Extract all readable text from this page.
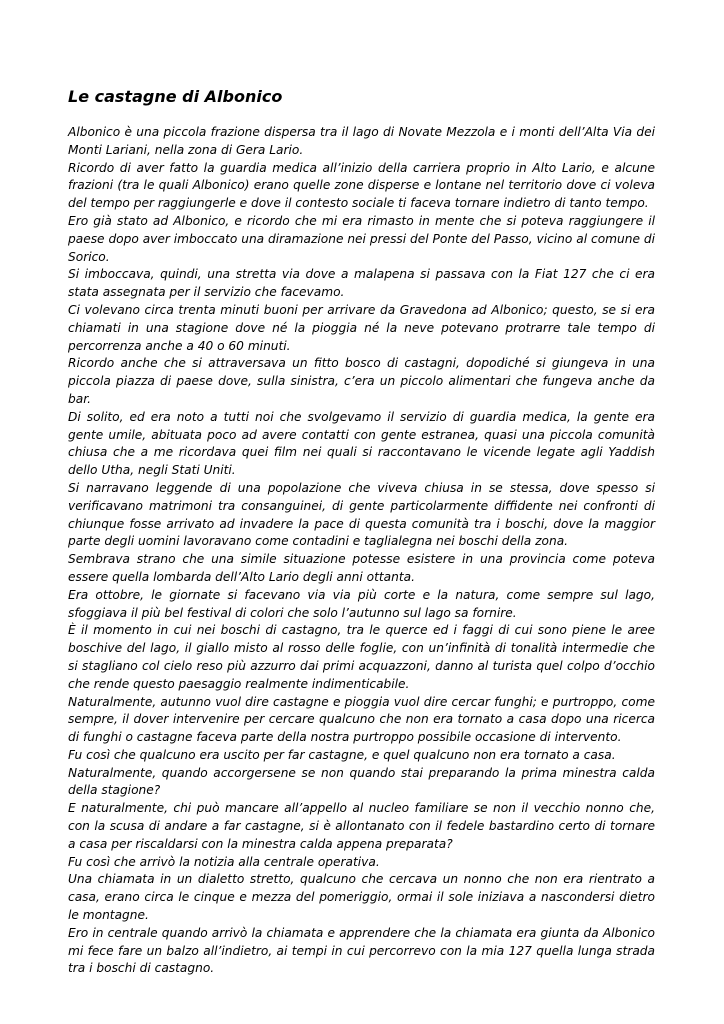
Le castagne di Albonico

Albonico è una piccola frazione dispersa tra il lago di Novate Mezzola e i monti dell’Alta Via dei Monti Lariani, nella zona di Gera Lario.

Ricordo di aver fatto la guardia medica all’inizio della carriera proprio in Alto Lario, e alcune frazioni (tra le quali Albonico) erano quelle zone disperse e lontane nel territorio dove ci voleva del tempo per raggiungerle e dove il contesto sociale ti faceva tornare indietro di tanto tempo.

Ero già stato ad Albonico, e ricordo che mi era rimasto in mente che si poteva raggiungere il paese dopo aver imboccato una diramazione nei pressi del Ponte del Passo, vicino al comune di Sorico.

Si imboccava, quindi, una stretta via dove a malapena si passava con la Fiat 127 che ci era stata assegnata per il servizio che facevamo.

Ci volevano circa trenta minuti buoni per arrivare da Gravedona ad Albonico; questo, se si era chiamati in una stagione dove né la pioggia né la neve potevano protrarre tale tempo di percorrenza anche a 40 o 60 minuti.

Ricordo anche che si attraversava un fitto bosco di castagni, dopodiché si giungeva in una piccola piazza di paese dove, sulla sinistra, c’era un piccolo alimentari che fungeva anche da bar.

Di solito, ed era noto a tutti noi che svolgevamo il servizio di guardia medica, la gente era gente umile, abituata poco ad avere contatti con gente estranea, quasi una piccola comunità chiusa che a me ricordava quei film nei quali si raccontavano le vicende legate agli Yaddish dello Utha, negli Stati Uniti.

Si narravano leggende di una popolazione che viveva chiusa in se stessa, dove spesso si verificavano matrimoni tra consanguinei, di gente particolarmente diffidente nei confronti di chiunque fosse arrivato ad invadere la pace di questa comunità tra i boschi, dove la maggior parte degli uomini lavoravano come contadini e taglialegna nei boschi della zona.

Sembrava strano che una simile situazione potesse esistere in una provincia come poteva essere quella lombarda dell’Alto Lario degli anni ottanta.

Era ottobre, le giornate si facevano via via più corte e la natura, come sempre sul lago, sfoggiava il più bel festival di colori che solo l’autunno sul lago sa fornire.

È il momento in cui nei boschi di castagno, tra le querce ed i faggi di cui sono piene le aree boschive del lago, il giallo misto al rosso delle foglie, con un’infinità di tonalità intermedie che si stagliano col cielo reso più azzurro dai primi acquazzoni, danno al turista quel colpo d’occhio che rende questo paesaggio realmente indimenticabile.

Naturalmente, autunno vuol dire castagne e pioggia vuol dire cercar funghi; e purtroppo, come sempre, il dover intervenire per cercare qualcuno che non era tornato a casa dopo una ricerca di funghi o castagne faceva parte della nostra purtroppo possibile occasione di intervento.

Fu così che qualcuno era uscito per far castagne, e quel qualcuno non era tornato a casa.

Naturalmente, quando accorgersene se non quando stai preparando la prima minestra calda della stagione?

E naturalmente, chi può mancare all’appello al nucleo familiare se non il vecchio nonno che, con la scusa di andare a far castagne, si è allontanato con il fedele bastardino certo di tornare a casa per riscaldarsi con la minestra calda appena preparata?

Fu così che arrivò la notizia alla centrale operativa.

Una chiamata in un dialetto stretto, qualcuno che cercava un nonno che non era rientrato a casa, erano circa le cinque e mezza del pomeriggio, ormai il sole iniziava a nascondersi dietro le montagne.

Ero in centrale quando arrivò la chiamata e apprendere che la chiamata era giunta da Albonico mi fece fare un balzo all’indietro, ai tempi in cui percorrevo con la mia 127 quella lunga strada tra i boschi di castagno.
